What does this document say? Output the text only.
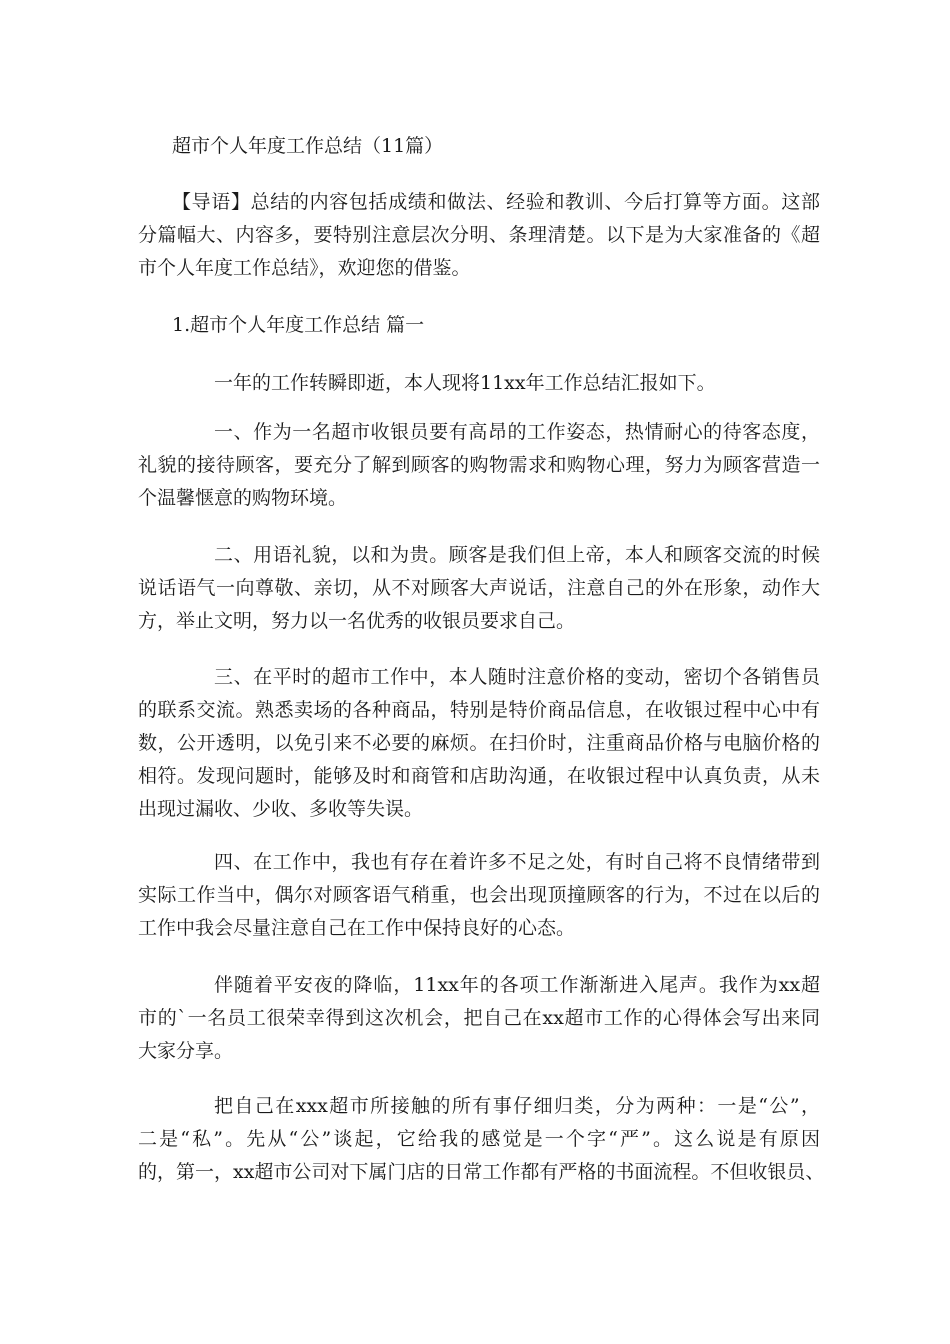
超市个人年度工作总结（11篇）
【导语】总结的内容包括成绩和做法、经验和教训、今后打算等方面。这部
分篇幅大、内容多，要特别注意层次分明、条理清楚。以下是为大家准备的《超
市个人年度工作总结》，欢迎您的借鉴。
1.超市个人年度工作总结 篇一
一年的工作转瞬即逝，本人现将11xx年工作总结汇报如下。
一、作为一名超市收银员要有高昂的工作姿态，热情耐心的待客态度，
礼貌的接待顾客，要充分了解到顾客的购物需求和购物心理，努力为顾客营造一
个温馨惬意的购物环境。
二、用语礼貌，以和为贵。顾客是我们但上帝，本人和顾客交流的时候
说话语气一向尊敬、亲切，从不对顾客大声说话，注意自己的外在形象，动作大
方，举止文明，努力以一名优秀的收银员要求自己。
三、在平时的超市工作中，本人随时注意价格的变动，密切个各销售员
的联系交流。熟悉卖场的各种商品，特别是特价商品信息，在收银过程中心中有
数，公开透明，以免引来不必要的麻烦。在扫价时，注重商品价格与电脑价格的
相符。发现问题时，能够及时和商管和店助沟通，在收银过程中认真负责，从未
出现过漏收、少收、多收等失误。
四、在工作中，我也有存在着许多不足之处，有时自己将不良情绪带到
实际工作当中，偶尔对顾客语气稍重，也会出现顶撞顾客的行为，不过在以后的
工作中我会尽量注意自己在工作中保持良好的心态。
伴随着平安夜的降临，11xx年的各项工作渐渐进入尾声。我作为xx超
市的`一名员工很荣幸得到这次机会，把自己在xx超市工作的心得体会写出来同
大家分享。
把自己在xxx超市所接触的所有事仔细归类，分为两种：一是“公”，
二是“私”。先从“公”谈起，它给我的感觉是一个字“严”。这么说是有原因
的，第一，xx超市公司对下属门店的日常工作都有严格的书面流程。不但收银员、
